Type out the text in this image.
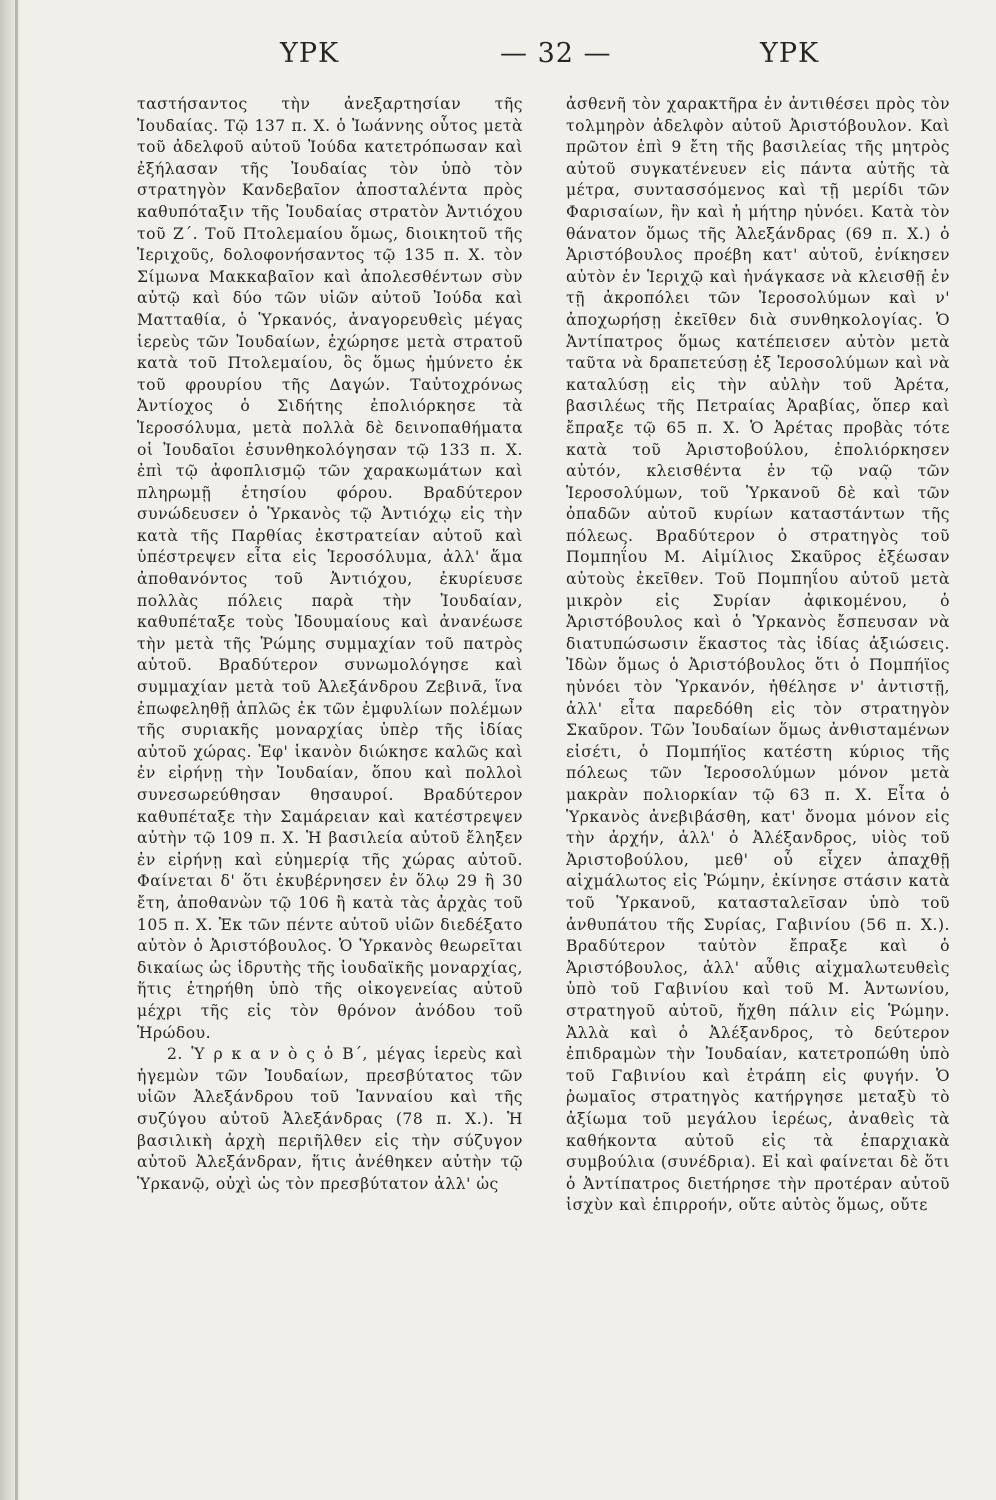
ΥΡΚ	— 32 —	ΥΡΚ

ταστήσαντος τὴν ἀνεξαρτησίαν τῆς Ἰουδαίας. Τῷ 137 π. Χ. ὁ Ἰωάννης οὗτος μετὰ τοῦ ἀδελφοῦ αὐτοῦ Ἰούδα κατετρόπωσαν καὶ ἐξήλασαν τῆς Ἰουδαίας τὸν ὑπὸ τὸν στρατηγὸν Κανδεβαῖον ἀποσταλέντα πρὸς καθυπόταξιν τῆς Ἰουδαίας στρατὸν Ἀντιόχου τοῦ Ζ΄. Τοῦ Πτολεμαίου ὅμως, διοικητοῦ τῆς Ἱεριχοῦς, δολοφονήσαντος τῷ 135 π. Χ. τὸν Σίμωνα Μακκαβαῖον καὶ ἀπολεσθέντων σὺν αὐτῷ καὶ δύο τῶν υἱῶν αὐτοῦ Ἰούδα καὶ Ματταθία, ὁ Ὑρκανός, ἀναγορευθεὶς μέγας ἱερεὺς τῶν Ἰουδαίων, ἐχώρησε μετὰ στρατοῦ κατὰ τοῦ Πτολεμαίου, ὃς ὅμως ἠμύνετο ἐκ τοῦ φρουρίου τῆς Δαγών. Ταὐτοχρόνως Ἀντίοχος ὁ Σιδήτης ἐπολιόρκησε τὰ Ἱεροσόλυμα, μετὰ πολλὰ δὲ δεινοπαθήματα οἱ Ἰουδαῖοι ἐσυνθηκολόγησαν τῷ 133 π. Χ. ἐπὶ τῷ ἀφοπλισμῷ τῶν χαρακωμάτων καὶ πληρωμῇ ἐτησίου φόρου. Βραδύτερον συνώδευσεν ὁ Ὑρκανὸς τῷ Ἀντιόχῳ εἰς τὴν κατὰ τῆς Παρθίας ἐκστρατείαν αὐτοῦ καὶ ὑπέστρεψεν εἶτα εἰς Ἱεροσόλυμα, ἀλλ' ἅμα ἀποθανόντος τοῦ Ἀντιόχου, ἐκυρίευσε πολλὰς πόλεις παρὰ τὴν Ἰουδαίαν, καθυπέταξε τοὺς Ἰδουμαίους καὶ ἀνανέωσε τὴν μετὰ τῆς Ῥώμης συμμαχίαν τοῦ πατρὸς αὐτοῦ. Βραδύτερον συνωμολόγησε καὶ συμμαχίαν μετὰ τοῦ Ἀλεξάνδρου Ζεβινᾶ, ἵνα ἐπωφεληθῇ ἁπλῶς ἐκ τῶν ἐμφυλίων πολέμων τῆς συριακῆς μοναρχίας ὑπὲρ τῆς ἰδίας αὐτοῦ χώρας. Ἐφ' ἱκανὸν διώκησε καλῶς καὶ ἐν εἰρήνῃ τὴν Ἰουδαίαν, ὅπου καὶ πολλοὶ συνεσωρεύθησαν θησαυροί. Βραδύτερον καθυπέταξε τὴν Σαμάρειαν καὶ κατέστρεψεν αὐτὴν τῷ 109 π. Χ. Ἡ βασιλεία αὐτοῦ ἔληξεν ἐν εἰρήνῃ καὶ εὐημερίᾳ τῆς χώρας αὐτοῦ. Φαίνεται δ' ὅτι ἐκυβέρνησεν ἐν ὅλῳ 29 ἢ 30 ἔτη, ἀποθανὼν τῷ 106 ἢ κατὰ τὰς ἀρχὰς τοῦ 105 π. Χ. Ἐκ τῶν πέντε αὐτοῦ υἱῶν διεδέξατο αὐτὸν ὁ Ἀριστόβουλος. Ὁ Ὑρκανὸς θεωρεῖται δικαίως ὡς ἱδρυτὴς τῆς ἰουδαϊκῆς μοναρχίας, ἥτις ἐτηρήθη ὑπὸ τῆς οἰκογενείας αὐτοῦ μέχρι τῆς εἰς τὸν θρόνον ἀνόδου τοῦ Ἡρώδου.

2. Ὑ ρ κ α ν ὸ ς ὁ Β΄, μέγας ἱερεὺς καὶ ἡγεμὼν τῶν Ἰουδαίων, πρεσβύτατος τῶν υἱῶν Ἀλεξάνδρου τοῦ Ἰανναίου καὶ τῆς συζύγου αὐτοῦ Ἀλεξάνδρας (78 π. Χ.). Ἡ βασιλικὴ ἀρχὴ περιῆλθεν εἰς τὴν σύζυγον αὐτοῦ Ἀλεξάνδραν, ἥτις ἀνέθηκεν αὐτὴν τῷ Ὑρκανῷ, οὐχὶ ὡς τὸν πρεσβύτατον ἀλλ' ὡς

ἀσθενῆ τὸν χαρακτῆρα ἐν ἀντιθέσει πρὸς τὸν τολμηρὸν ἀδελφὸν αὐτοῦ Ἀριστόβουλον. Καὶ πρῶτον ἐπὶ 9 ἔτη τῆς βασιλείας τῆς μητρὸς αὐτοῦ συγκατένευεν εἰς πάντα αὐτῆς τὰ μέτρα, συντασσόμενος καὶ τῇ μερίδι τῶν Φαρισαίων, ἣν καὶ ἡ μήτηρ ηὐνόει. Κατὰ τὸν θάνατον ὅμως τῆς Ἀλεξάνδρας (69 π. Χ.) ὁ Ἀριστόβουλος προέβη κατ' αὐτοῦ, ἐνίκησεν αὐτὸν ἐν Ἱεριχῷ καὶ ἠνάγκασε νὰ κλεισθῇ ἐν τῇ ἀκροπόλει τῶν Ἱεροσολύμων καὶ ν' ἀποχωρήσῃ ἐκεῖθεν διὰ συνθηκολογίας. Ὁ Ἀντίπατρος ὅμως κατέπεισεν αὐτὸν μετὰ ταῦτα νὰ δραπετεύσῃ ἐξ Ἱεροσολύμων καὶ νὰ καταλύσῃ εἰς τὴν αὐλὴν τοῦ Ἀρέτα, βασιλέως τῆς Πετραίας Ἀραβίας, ὅπερ καὶ ἔπραξε τῷ 65 π. Χ. Ὁ Ἀρέτας προβὰς τότε κατὰ τοῦ Ἀριστοβούλου, ἐπολιόρκησεν αὐτόν, κλεισθέντα ἐν τῷ ναῷ τῶν Ἱεροσολύμων, τοῦ Ὑρκανοῦ δὲ καὶ τῶν ὀπαδῶν αὐτοῦ κυρίων καταστάντων τῆς πόλεως. Βραδύτερον ὁ στρατηγὸς τοῦ Πομπηΐου Μ. Αἰμίλιος Σκαῦρος ἐξέωσαν αὐτοὺς ἐκεῖθεν. Τοῦ Πομπηΐου αὐτοῦ μετὰ μικρὸν εἰς Συρίαν ἀφικομένου, ὁ Ἀριστόβουλος καὶ ὁ Ὑρκανὸς ἔσπευσαν νὰ διατυπώσωσιν ἕκαστος τὰς ἰδίας ἀξιώσεις. Ἰδὼν ὅμως ὁ Ἀριστόβουλος ὅτι ὁ Πομπήϊος ηὐνόει τὸν Ὑρκανόν, ἠθέλησε ν' ἀντιστῇ, ἀλλ' εἶτα παρεδόθη εἰς τὸν στρατηγὸν Σκαῦρον. Τῶν Ἰουδαίων ὅμως ἀνθισταμένων εἰσέτι, ὁ Πομπήϊος κατέστη κύριος τῆς πόλεως τῶν Ἱεροσολύμων μόνον μετὰ μακρὰν πολιορκίαν τῷ 63 π. Χ. Εἶτα ὁ Ὑρκανὸς ἀνεβιβάσθη, κατ' ὄνομα μόνον εἰς τὴν ἀρχήν, ἀλλ' ὁ Ἀλέξανδρος, υἱὸς τοῦ Ἀριστοβούλου, μεθ' οὗ εἶχεν ἀπαχθῇ αἰχμάλωτος εἰς Ῥώμην, ἐκίνησε στάσιν κατὰ τοῦ Ὑρκανοῦ, κατασταλεῖσαν ὑπὸ τοῦ ἀνθυπάτου τῆς Συρίας, Γαβινίου (56 π. Χ.). Βραδύτερον ταὐτὸν ἔπραξε καὶ ὁ Ἀριστόβουλος, ἀλλ' αὖθις αἰχμαλωτευθεὶς ὑπὸ τοῦ Γαβινίου καὶ τοῦ Μ. Ἀντωνίου, στρατηγοῦ αὐτοῦ, ἤχθη πάλιν εἰς Ῥώμην. Ἀλλὰ καὶ ὁ Ἀλέξανδρος, τὸ δεύτερον ἐπιδραμὼν τὴν Ἰουδαίαν, κατετροπώθη ὑπὸ τοῦ Γαβινίου καὶ ἐτράπη εἰς φυγήν. Ὁ ῥωμαῖος στρατηγὸς κατήργησε μεταξὺ τὸ ἀξίωμα τοῦ μεγάλου ἱερέως, ἀναθεὶς τὰ καθήκοντα αὐτοῦ εἰς τὰ ἐπαρχιακὰ συμβούλια (συνέδρια). Εἰ καὶ φαίνεται δὲ ὅτι ὁ Ἀντίπατρος διετήρησε τὴν προτέραν αὐτοῦ ἰσχὺν καὶ ἐπιρροήν, οὔτε αὐτὸς ὅμως, οὔτε
